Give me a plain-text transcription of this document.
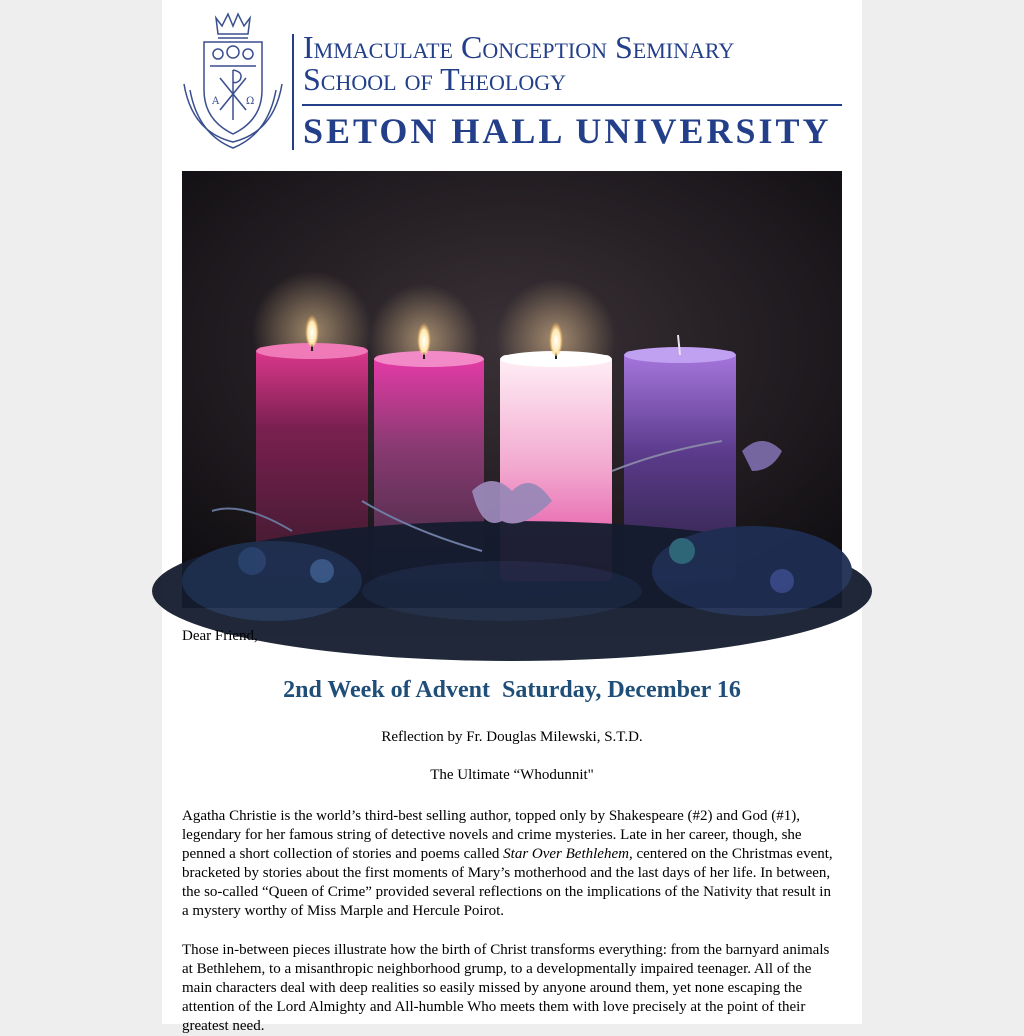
A	Ω
Immaculate Conception Seminary
School of Theology
SETON HALL UNIVERSITY
Dear Friend,
2nd Week of Advent  Saturday, December 16
Reflection by Fr. Douglas Milewski, S.T.D.
The Ultimate “Whodunnit"

Agatha Christie is the world’s third-best selling author, topped only by Shakespeare (#2) and God (#1), legendary for her famous string of detective novels and crime mysteries. Late in her career, though, she penned a short collection of stories and poems called Star Over Bethlehem, centered on the Christmas event, bracketed by stories about the first moments of Mary’s motherhood and the last days of her life. In between, the so-called “Queen of Crime” provided several reflections on the implications of the Nativity that result in a mystery worthy of Miss Marple and Hercule Poirot.

Those in-between pieces illustrate how the birth of Christ transforms everything: from the barnyard animals at Bethlehem, to a misanthropic neighborhood grump, to a developmentally impaired teenager. All of the main characters deal with deep realities so easily missed by anyone around them, yet none escaping the attention of the Lord Almighty and All-humble Who meets them with love precisely at the point of their greatest need.
